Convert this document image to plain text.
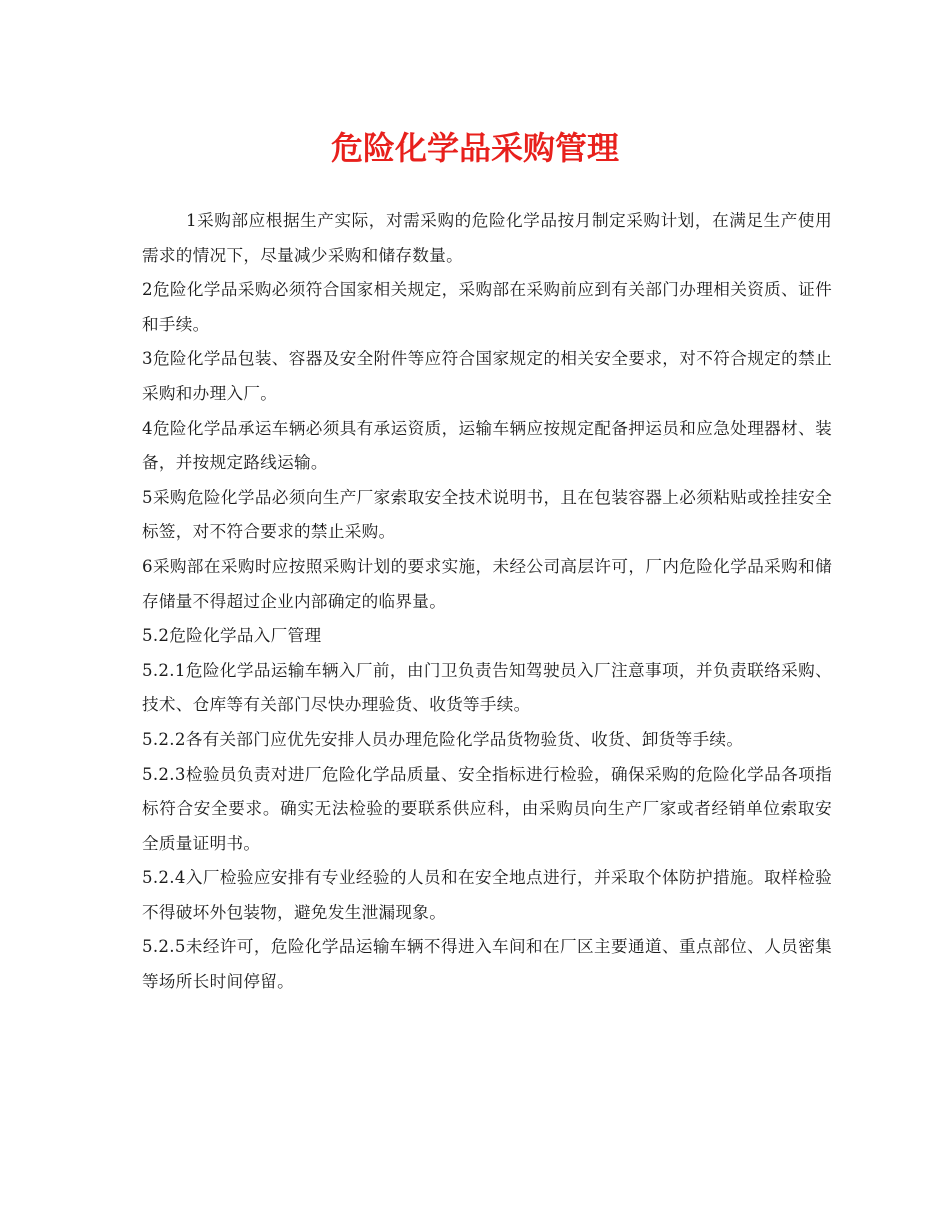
危险化学品采购管理

1采购部应根据生产实际，对需采购的危险化学品按月制定采购计划，在满足生产使用需求的情况下，尽量减少采购和储存数量。

2危险化学品采购必须符合国家相关规定，采购部在采购前应到有关部门办理相关资质、证件和手续。

3危险化学品包装、容器及安全附件等应符合国家规定的相关安全要求，对不符合规定的禁止采购和办理入厂。

4危险化学品承运车辆必须具有承运资质，运输车辆应按规定配备押运员和应急处理器材、装备，并按规定路线运输。

5采购危险化学品必须向生产厂家索取安全技术说明书，且在包装容器上必须粘贴或拴挂安全标签，对不符合要求的禁止采购。

6采购部在采购时应按照采购计划的要求实施，未经公司高层许可，厂内危险化学品采购和储存储量不得超过企业内部确定的临界量。

5.2危险化学品入厂管理

5.2.1危险化学品运输车辆入厂前，由门卫负责告知驾驶员入厂注意事项，并负责联络采购、技术、仓库等有关部门尽快办理验货、收货等手续。

5.2.2各有关部门应优先安排人员办理危险化学品货物验货、收货、卸货等手续。

5.2.3检验员负责对进厂危险化学品质量、安全指标进行检验，确保采购的危险化学品各项指标符合安全要求。确实无法检验的要联系供应科，由采购员向生产厂家或者经销单位索取安全质量证明书。

5.2.4入厂检验应安排有专业经验的人员和在安全地点进行，并采取个体防护措施。取样检验不得破坏外包装物，避免发生泄漏现象。

5.2.5未经许可，危险化学品运输车辆不得进入车间和在厂区主要通道、重点部位、人员密集等场所长时间停留。
